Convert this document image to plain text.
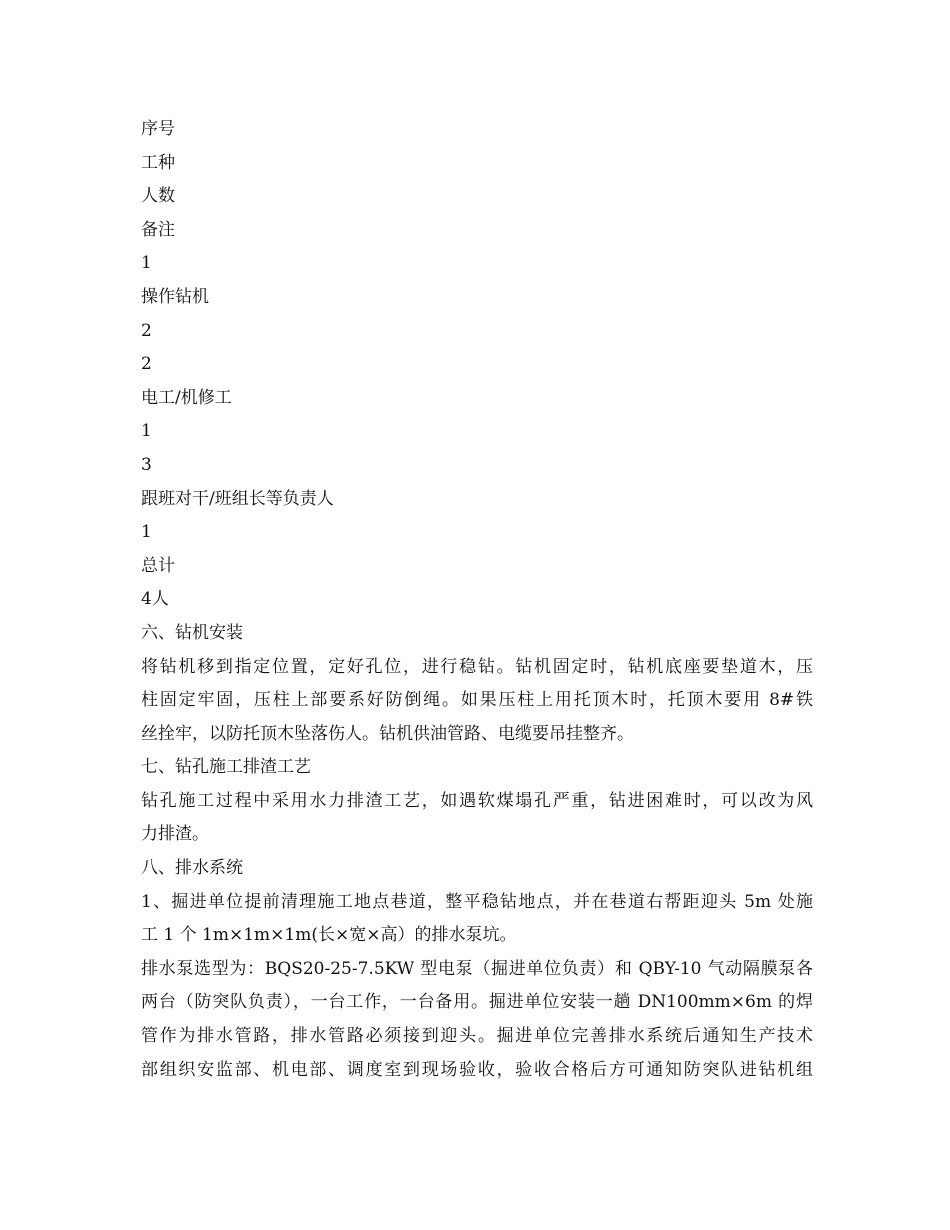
序号
工种
人数
备注
1
操作钻机
2
2
电工/机修工
1
3
跟班对干/班组长等负责人
1
总计
4人
六、钻机安装
将钻机移到指定位置，定好孔位，进行稳钻。钻机固定时，钻机底座要垫道木，压
柱固定牢固，压柱上部要系好防倒绳。如果压柱上用托顶木时，托顶木要用 8#铁
丝拴牢，以防托顶木坠落伤人。钻机供油管路、电缆要吊挂整齐。
七、钻孔施工排渣工艺
钻孔施工过程中采用水力排渣工艺，如遇软煤塌孔严重，钻进困难时，可以改为风
力排渣。
八、排水系统
1、掘进单位提前清理施工地点巷道，整平稳钻地点，并在巷道右帮距迎头 5m 处施
工 1 个 1m×1m×1m(长×宽×高）的排水泵坑。
排水泵选型为：BQS20-25-7.5KW 型电泵（掘进单位负责）和 QBY-10 气动隔膜泵各
两台（防突队负责），一台工作，一台备用。掘进单位安装一趟 DN100mm×6m 的焊
管作为排水管路，排水管路必须接到迎头。掘进单位完善排水系统后通知生产技术
部组织安监部、机电部、调度室到现场验收，验收合格后方可通知防突队进钻机组
